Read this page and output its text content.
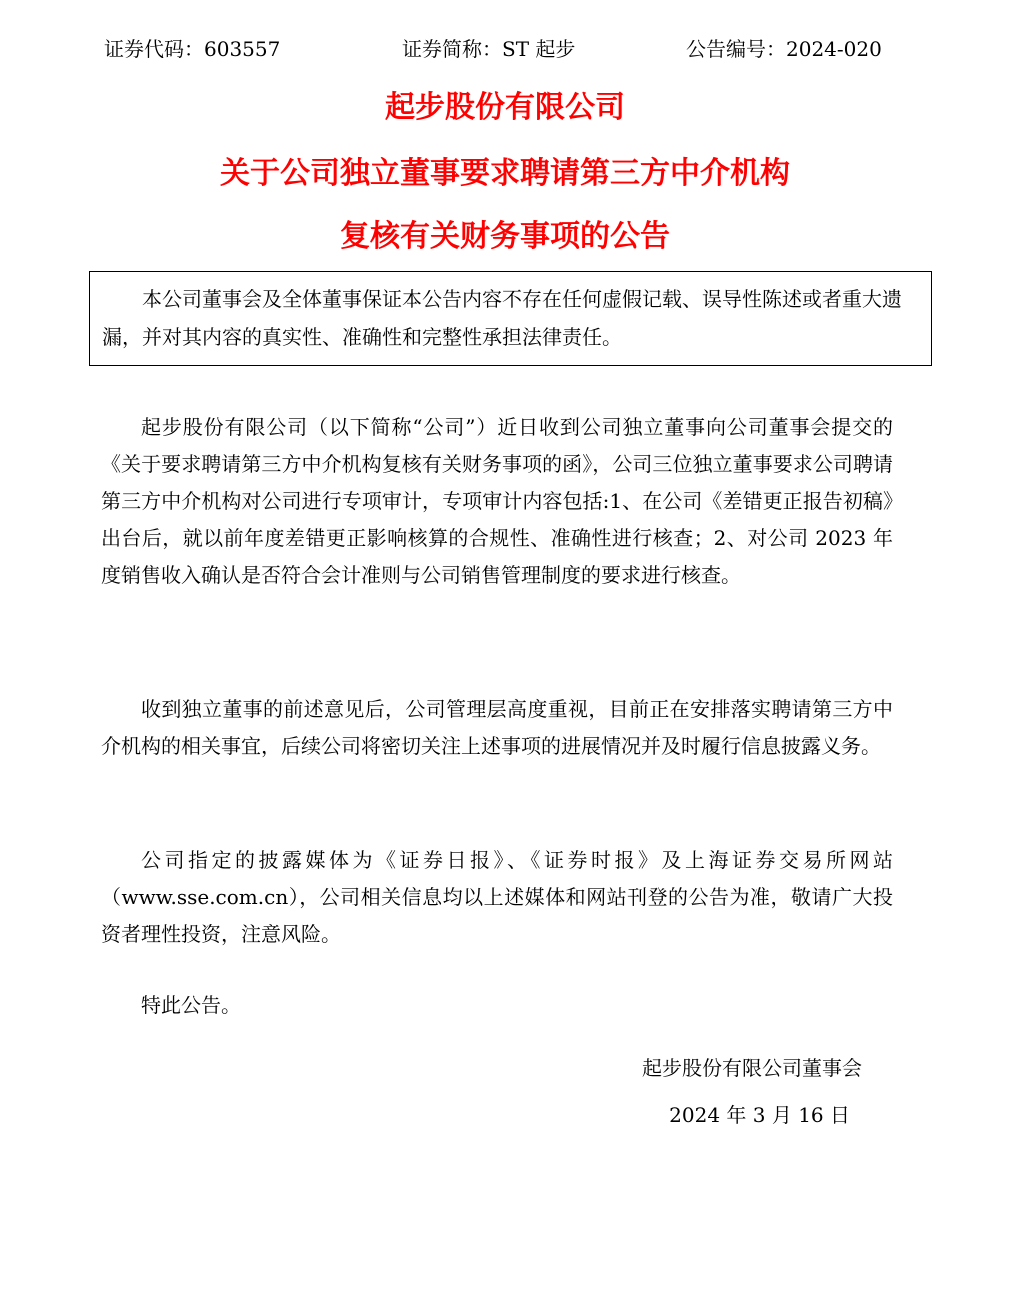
证券代码：603557	证券简称：ST 起步	公告编号：2024-020
起步股份有限公司
关于公司独立董事要求聘请第三方中介机构
复核有关财务事项的公告

本公司董事会及全体董事保证本公告内容不存在任何虚假记载、误导性陈述或者重大遗漏，并对其内容的真实性、准确性和完整性承担法律责任。

起步股份有限公司（以下简称“公司”）近日收到公司独立董事向公司董事会提交的《关于要求聘请第三方中介机构复核有关财务事项的函》，公司三位独立董事要求公司聘请第三方中介机构对公司进行专项审计，专项审计内容包括:1、在公司《差错更正报告初稿》出台后，就以前年度差错更正影响核算的合规性、准确性进行核查；2、对公司 2023 年度销售收入确认是否符合会计准则与公司销售管理制度的要求进行核查。

收到独立董事的前述意见后，公司管理层高度重视，目前正在安排落实聘请第三方中介机构的相关事宜，后续公司将密切关注上述事项的进展情况并及时履行信息披露义务。

公司指定的披露媒体为《证券日报》、《证券时报》及上海证券交易所网站（www.sse.com.cn），公司相关信息均以上述媒体和网站刊登的公告为准，敬请广大投资者理性投资，注意风险。

特此公告。

起步股份有限公司董事会
2024 年 3 月 16 日
